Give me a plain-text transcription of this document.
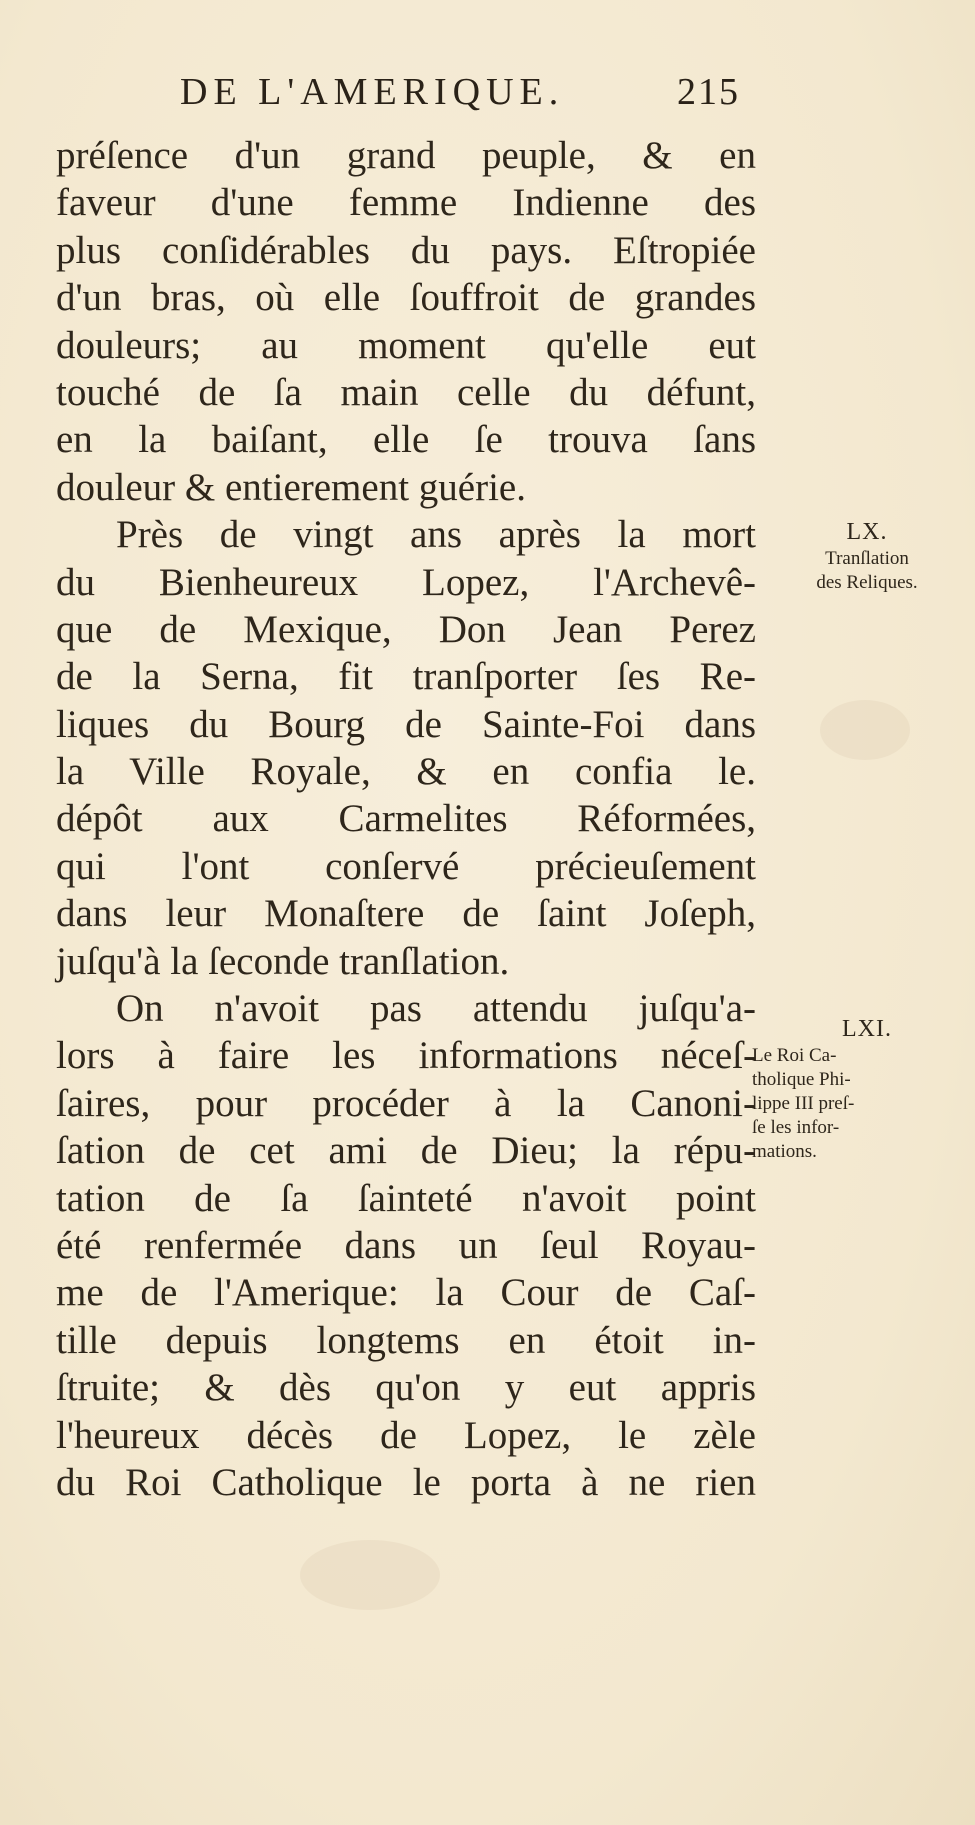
DE L'AMERIQUE.	215
préſence d'un grand peuple, & en
faveur d'une femme Indienne des
plus conſidérables du pays. Eſtropiée
d'un bras, où elle ſouffroit de grandes
douleurs; au moment qu'elle eut
touché de ſa main celle du défunt,
en la baiſant, elle ſe trouva ſans
douleur & entierement guérie.
Près de vingt ans après la mort
du Bienheureux Lopez, l'Archevê-
que de Mexique, Don Jean Perez
de la Serna, fit tranſporter ſes Re-
liques du Bourg de Sainte-Foi dans
la Ville Royale, & en confia le.
dépôt aux Carmelites Réformées,
qui l'ont conſervé précieuſement
dans leur Monaſtere de ſaint Joſeph,
juſqu'à la ſeconde tranſlation.
On n'avoit pas attendu juſqu'a-
lors à faire les informations néceſ-
ſaires, pour procéder à la Canoni-
ſation de cet ami de Dieu; la répu-
tation de ſa ſainteté n'avoit point
été renfermée dans un ſeul Royau-
me de l'Amerique: la Cour de Caſ-
tille depuis longtems en étoit in-
ſtruite; & dès qu'on y eut appris
l'heureux décès de Lopez, le zèle
du Roi Catholique le porta à ne rien
LX.
Tranſlation
des Reliques.
LXI.
Le Roi Ca-
tholique Phi-
lippe III preſ-
ſe les infor-
mations.
